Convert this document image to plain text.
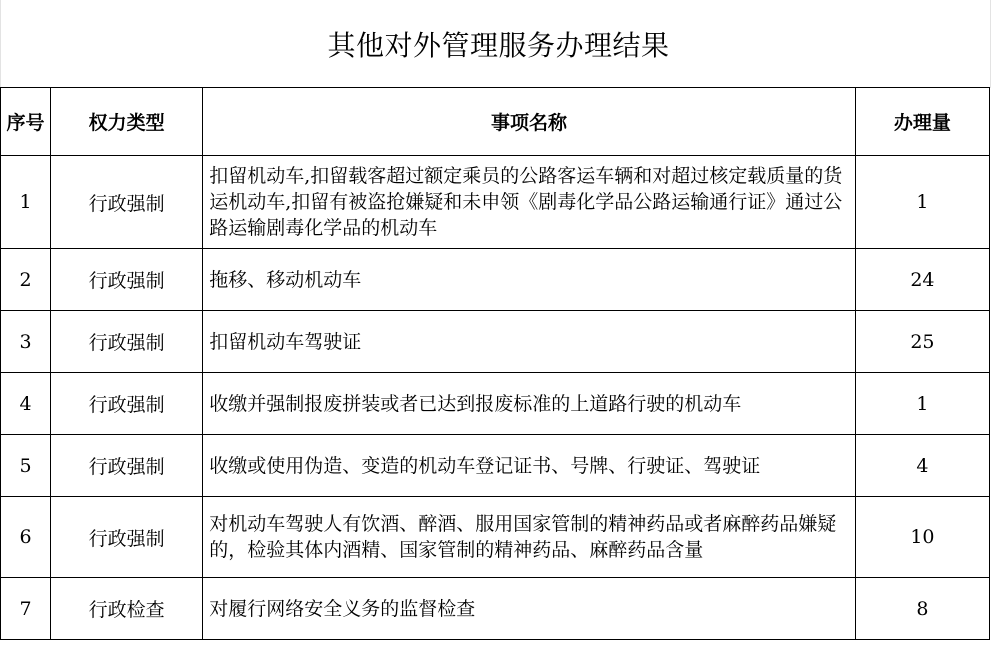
其他对外管理服务办理结果
序号	权力类型	事项名称	办理量
1	行政强制	扣留机动车,扣留载客超过额定乘员的公路客运车辆和对超过核定载质量的货运机动车,扣留有被盗抢嫌疑和未申领《剧毒化学品公路运输通行证》通过公路运输剧毒化学品的机动车	1
2	行政强制	拖移、移动机动车	24
3	行政强制	扣留机动车驾驶证	25
4	行政强制	收缴并强制报废拼装或者已达到报废标准的上道路行驶的机动车	1
5	行政强制	收缴或使用伪造、变造的机动车登记证书、号牌、行驶证、驾驶证	4
6	行政强制	对机动车驾驶人有饮酒、醉酒、服用国家管制的精神药品或者麻醉药品嫌疑的，检验其体内酒精、国家管制的精神药品、麻醉药品含量	10
7	行政检查	对履行网络安全义务的监督检查	8
